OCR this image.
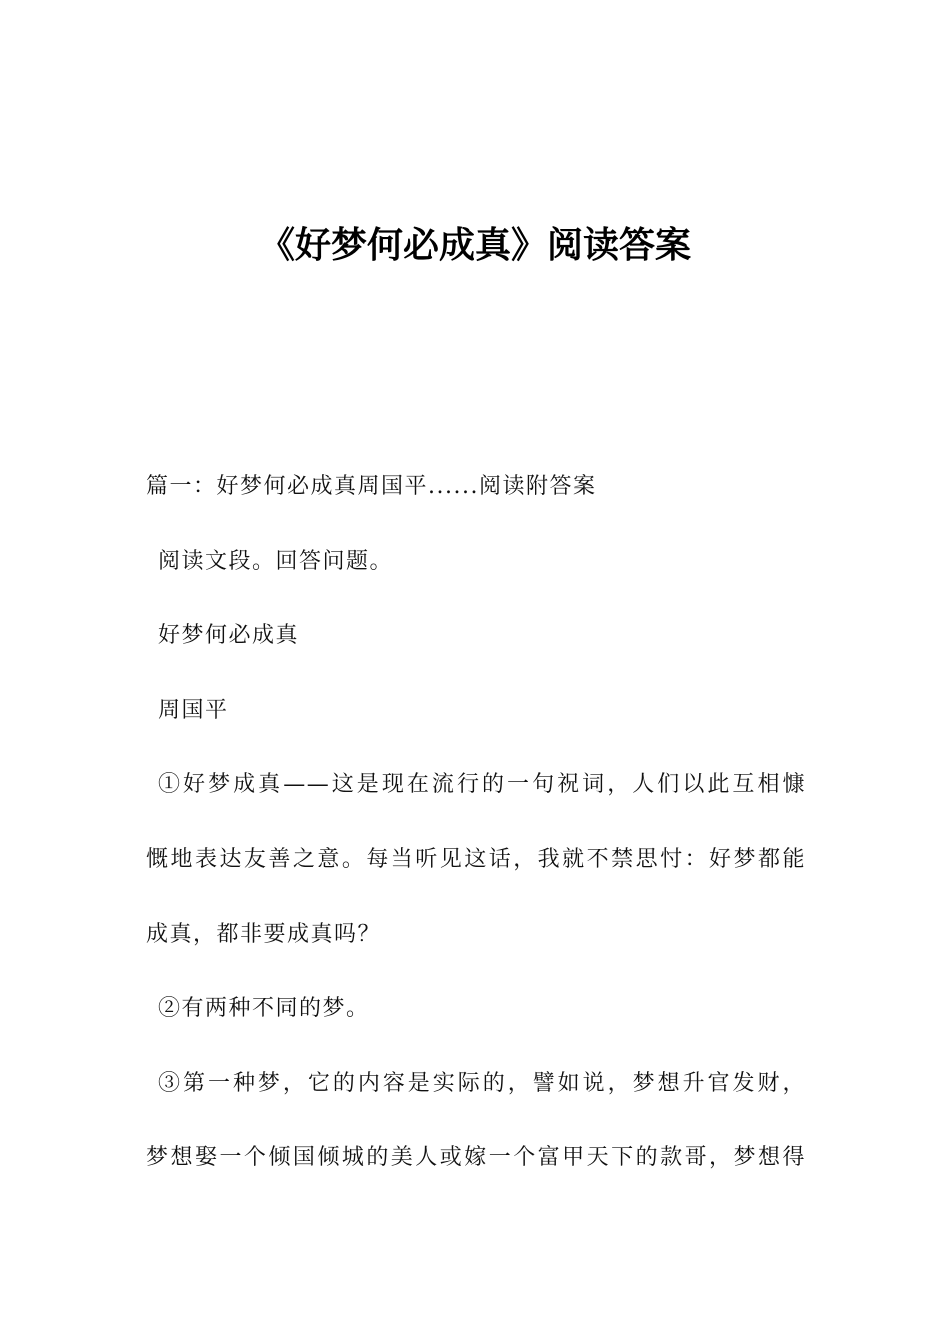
《好梦何必成真》阅读答案

篇一：好梦何必成真周国平......阅读附答案

阅读文段。回答问题。

好梦何必成真

周国平

①好梦成真——这是现在流行的一句祝词，人们以此互相慷

慨地表达友善之意。每当听见这话，我就不禁思忖：好梦都能

成真，都非要成真吗？

②有两种不同的梦。

③第一种梦，它的内容是实际的，譬如说，梦想升官发财，

梦想娶一个倾国倾城的美人或嫁一个富甲天下的款哥，梦想得
